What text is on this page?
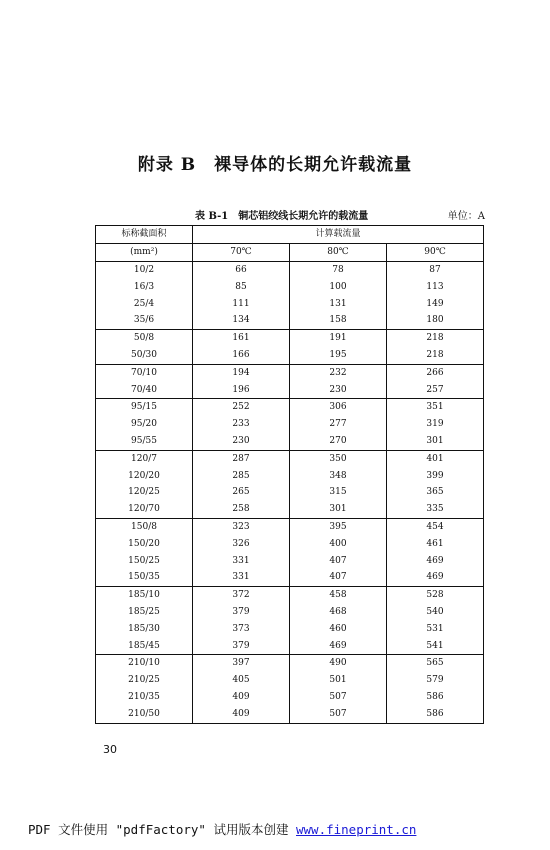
附录 B　裸导体的长期允许载流量
表 B-1　铜芯铝绞线长期允许的载流量	单位：A
标称截面积	计算载流量		
(mm²)	70℃	80℃	90℃
10/2	66	78	87
16/3	85	100	113
25/4	111	131	149
35/6	134	158	180
50/8	161	191	218
50/30	166	195	218
70/10	194	232	266
70/40	196	230	257
95/15	252	306	351
95/20	233	277	319
95/55	230	270	301
120/7	287	350	401
120/20	285	348	399
120/25	265	315	365
120/70	258	301	335
150/8	323	395	454
150/20	326	400	461
150/25	331	407	469
150/35	331	407	469
185/10	372	458	528
185/25	379	468	540
185/30	373	460	531
185/45	379	469	541
210/10	397	490	565
210/25	405	501	579
210/35	409	507	586
210/50	409	507	586
30
PDF 文件使用 "pdfFactory" 试用版本创建 www.fineprint.cn
